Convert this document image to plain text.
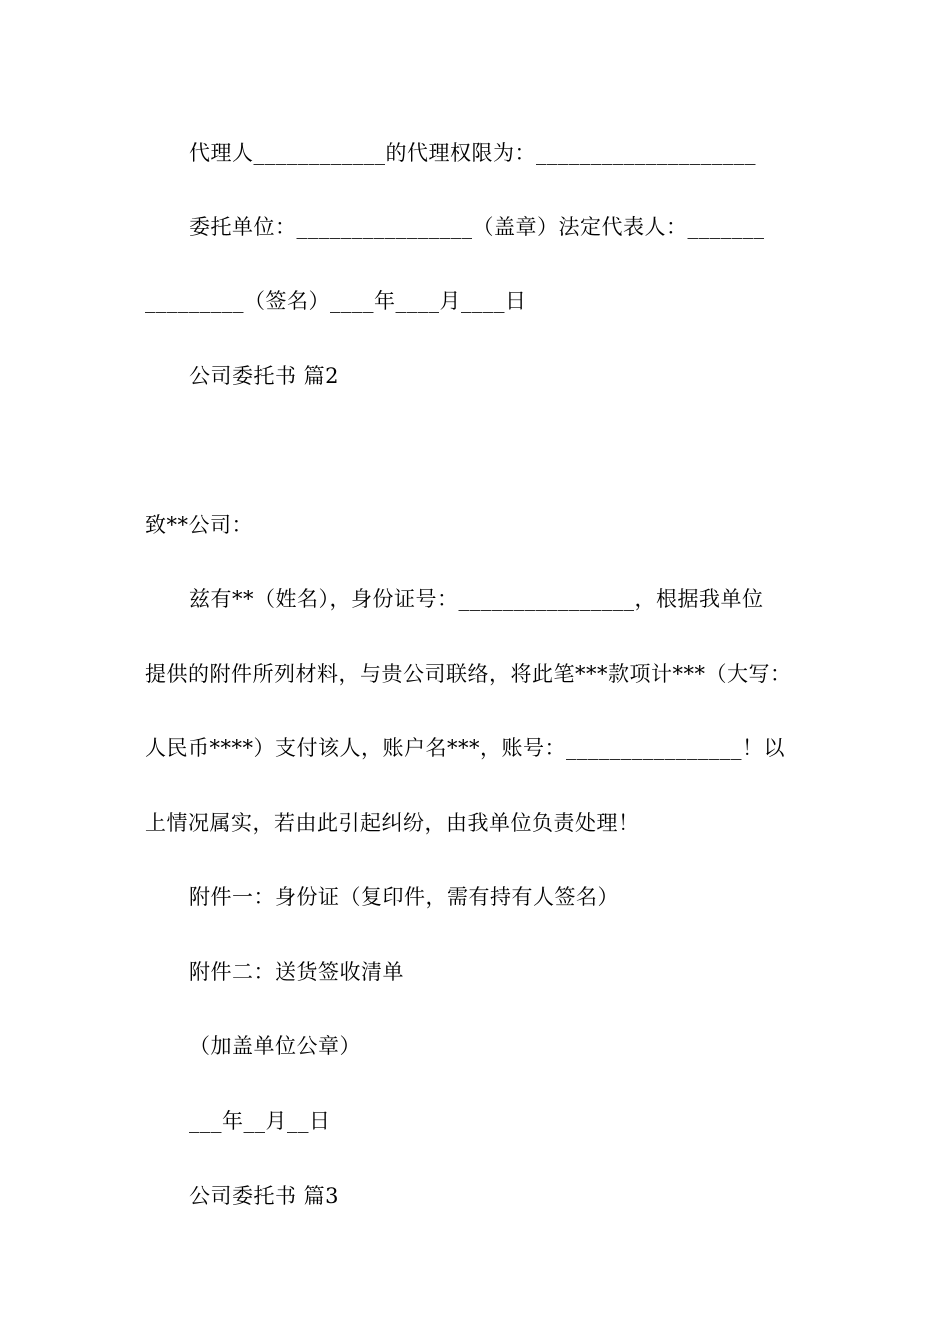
代理人____________的代理权限为：____________________
委托单位：________________（盖章）法定代表人：_______
_________（签名）____年____月____日
公司委托书 篇2
致**公司：
兹有**（姓名），身份证号：________________，根据我单位
提供的附件所列材料，与贵公司联络，将此笔***款项计***（大写：
人民币****）支付该人，账户名***，账号：________________！以
上情况属实，若由此引起纠纷，由我单位负责处理！
附件一：身份证（复印件，需有持有人签名）
附件二：送货签收清单
（加盖单位公章）
___年__月__日
公司委托书 篇3
